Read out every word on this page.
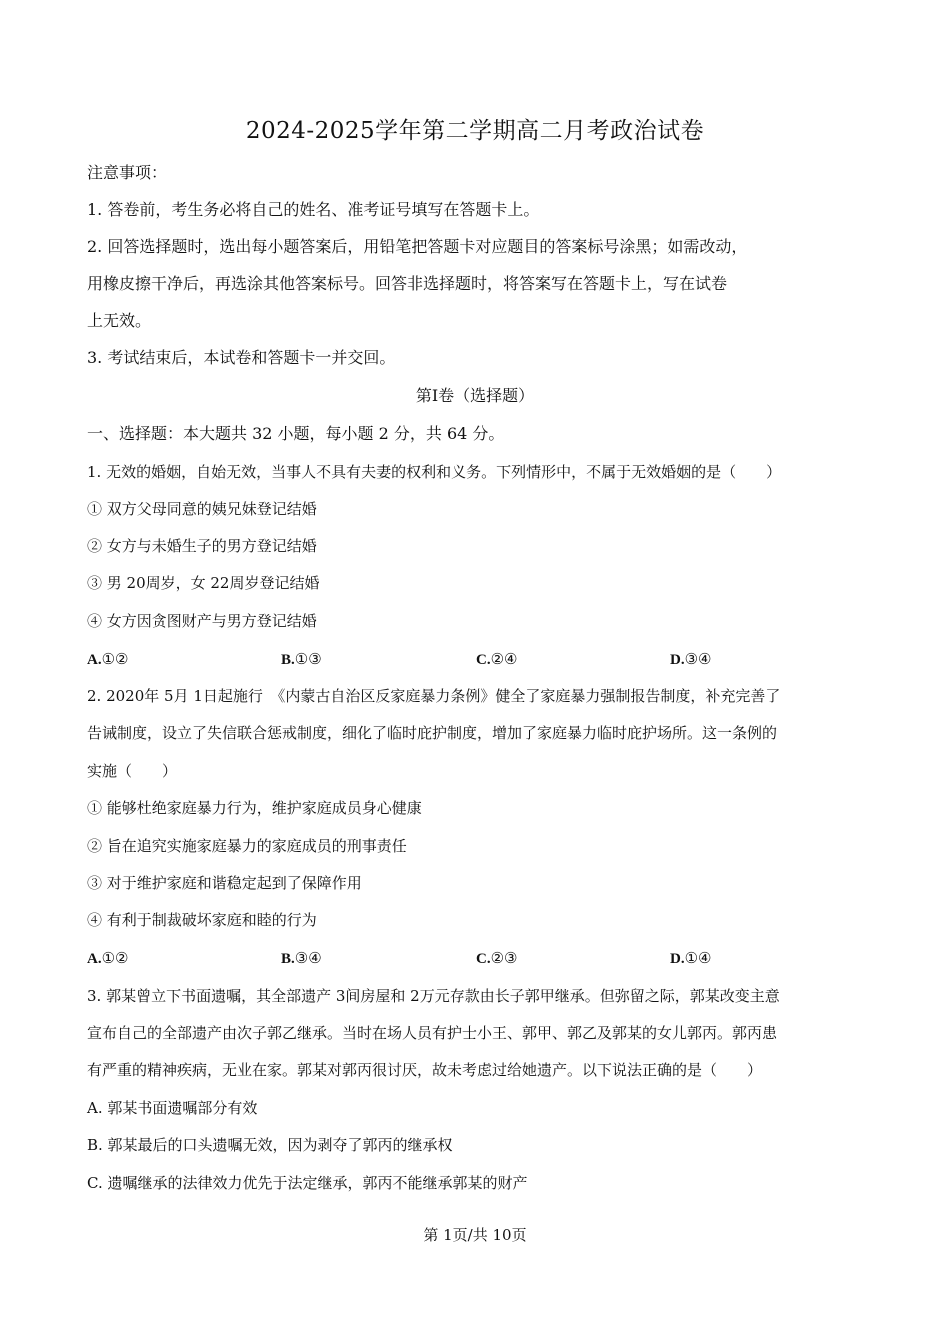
2024-2025学年第二学期高二月考政治试卷
注意事项：
1. 答卷前，考生务必将自己的姓名、准考证号填写在答题卡上。
2. 回答选择题时，选出每小题答案后，用铅笔把答题卡对应题目的答案标号涂黑；如需改动，
用橡皮擦干净后，再选涂其他答案标号。回答非选择题时，将答案写在答题卡上，写在试卷
上无效。
3. 考试结束后，本试卷和答题卡一并交回。
第Ⅰ卷（选择题）
一、选择题：本大题共 32 小题，每小题 2 分，共 64 分。
1. 无效的婚姻，自始无效，当事人不具有夫妻的权利和义务。下列情形中，不属于无效婚姻的是（　　）
① 双方父母同意的姨兄妹登记结婚
② 女方与未婚生子的男方登记结婚
③ 男 20周岁，女 22周岁登记结婚
④ 女方因贪图财产与男方登记结婚
A.①②	B.①③	C.②④	D.③④
2. 2020年 5月 1日起施行　《内蒙古自治区反家庭暴力条例》健全了家庭暴力强制报告制度，补充完善了
告诫制度，设立了失信联合惩戒制度，细化了临时庇护制度，增加了家庭暴力临时庇护场所。这一条例的
实施（　　）
① 能够杜绝家庭暴力行为，维护家庭成员身心健康
② 旨在追究实施家庭暴力的家庭成员的刑事责任
③ 对于维护家庭和谐稳定起到了保障作用
④ 有利于制裁破坏家庭和睦的行为
A.①②	B.③④	C.②③	D.①④
3. 郭某曾立下书面遗嘱，其全部遗产 3间房屋和 2万元存款由长子郭甲继承。但弥留之际，郭某改变主意
宣布自己的全部遗产由次子郭乙继承。当时在场人员有护士小王、郭甲、郭乙及郭某的女儿郭丙。郭丙患
有严重的精神疾病，无业在家。郭某对郭丙很讨厌，故未考虑过给她遗产。以下说法正确的是（　　）
A. 郭某书面遗嘱部分有效
B. 郭某最后的口头遗嘱无效，因为剥夺了郭丙的继承权
C. 遗嘱继承的法律效力优先于法定继承，郭丙不能继承郭某的财产
第 1页/共 10页
